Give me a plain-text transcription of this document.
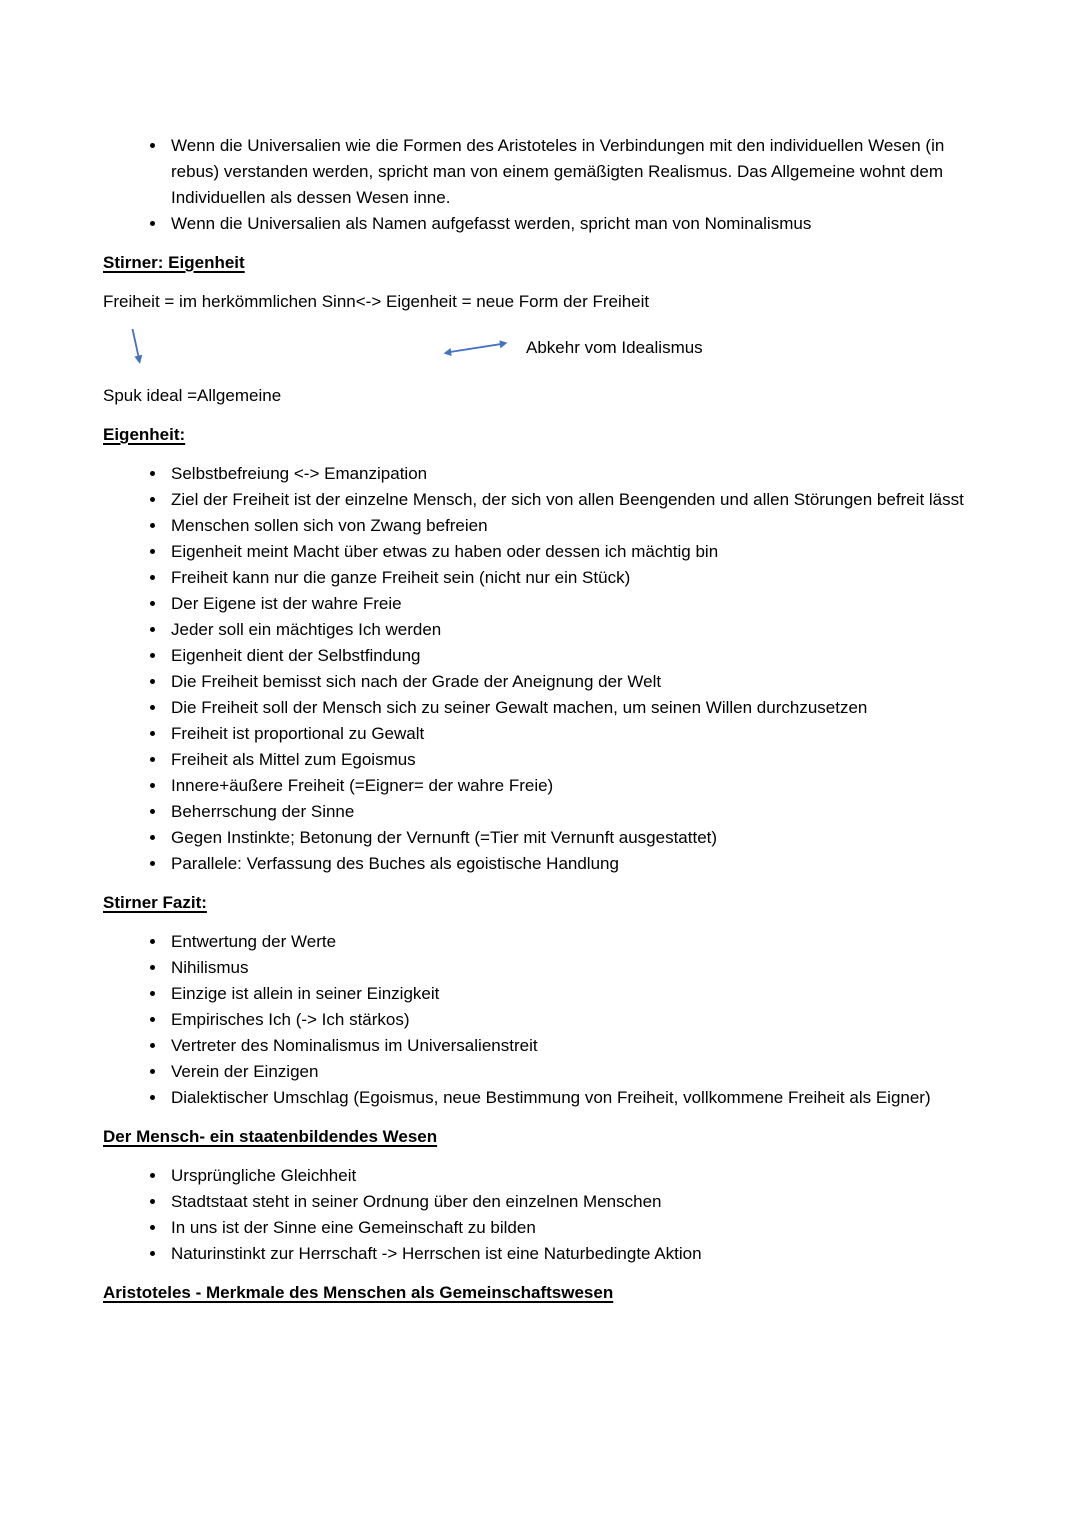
• Wenn die Universalien wie die Formen des Aristoteles in Verbindungen mit den individuellen Wesen (in rebus) verstanden werden, spricht man von einem gemäßigten Realismus. Das Allgemeine wohnt dem Individuellen als dessen Wesen inne.
• Wenn die Universalien als Namen aufgefasst werden, spricht man von Nominalismus

Stirner: Eigenheit

Freiheit = im herkömmlichen Sinn<-> Eigenheit = neue Form der Freiheit

Abkehr vom Idealismus

Spuk ideal =Allgemeine

Eigenheit:

• Selbstbefreiung <-> Emanzipation
• Ziel der Freiheit ist der einzelne Mensch, der sich von allen Beengenden und allen Störungen befreit lässt
• Menschen sollen sich von Zwang befreien
• Eigenheit meint Macht über etwas zu haben oder dessen ich mächtig bin
• Freiheit kann nur die ganze Freiheit sein (nicht nur ein Stück)
• Der Eigene ist der wahre Freie
• Jeder soll ein mächtiges Ich werden
• Eigenheit dient der Selbstfindung
• Die Freiheit bemisst sich nach der Grade der Aneignung der Welt
• Die Freiheit soll der Mensch sich zu seiner Gewalt machen, um seinen Willen durchzusetzen
• Freiheit ist proportional zu Gewalt
• Freiheit als Mittel zum Egoismus
• Innere+äußere Freiheit (=Eigner= der wahre Freie)
• Beherrschung der Sinne
• Gegen Instinkte; Betonung der Vernunft (=Tier mit Vernunft ausgestattet)
• Parallele: Verfassung des Buches als egoistische Handlung

Stirner Fazit:

• Entwertung der Werte
• Nihilismus
• Einzige ist allein in seiner Einzigkeit
• Empirisches Ich (-> Ich stärkos)
• Vertreter des Nominalismus im Universalienstreit
• Verein der Einzigen
• Dialektischer Umschlag (Egoismus, neue Bestimmung von Freiheit, vollkommene Freiheit als Eigner)

Der Mensch- ein staatenbildendes Wesen

• Ursprüngliche Gleichheit
• Stadtstaat steht in seiner Ordnung über den einzelnen Menschen
• In uns ist der Sinne eine Gemeinschaft zu bilden
• Naturinstinkt zur Herrschaft -> Herrschen ist eine Naturbedingte Aktion

Aristoteles - Merkmale des Menschen als Gemeinschaftswesen
